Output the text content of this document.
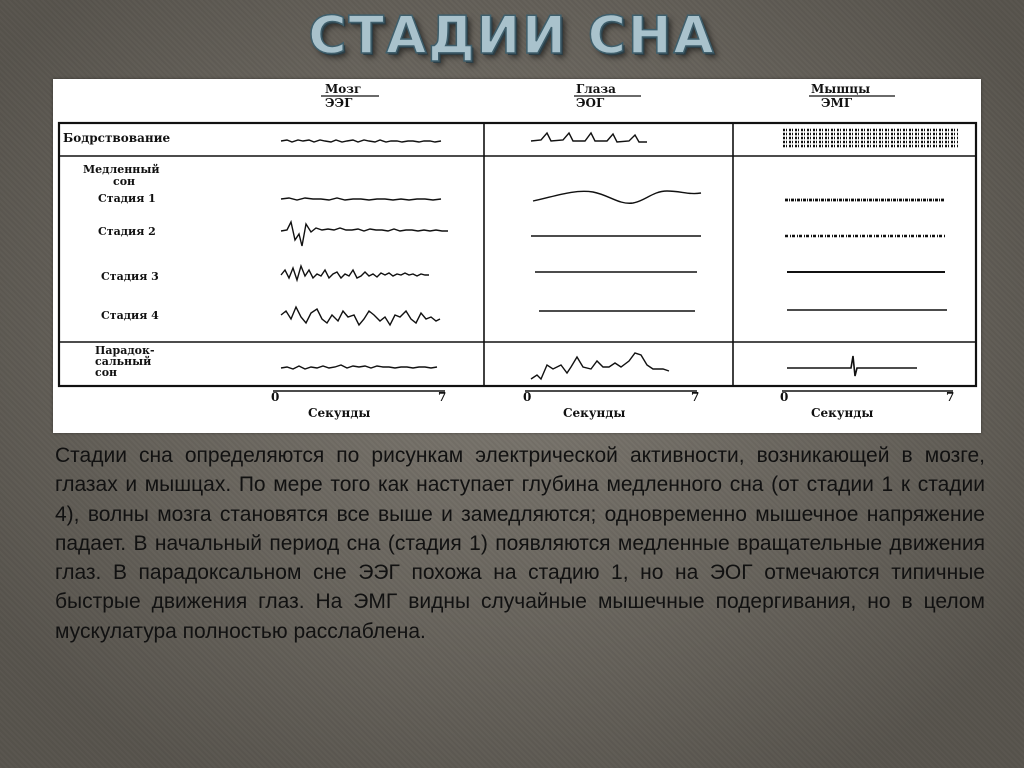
СТАДИИ СНА
Мозг
ЭЭГ
Глаза
ЭОГ
Мышцы
ЭМГ
Бодрствование
Медленный
сон
Стадия 1
Стадия 2
Стадия 3
Стадия 4
Парадок-
сальный
сон
0	7
Секунды
0	7
Секунды
0	7
Секунды

Стадии сна определяются по рисункам электрической активности, возникающей в мозге, глазах и мышцах. По мере того как наступает глубина медленного сна (от стадии 1 к стадии 4), волны мозга становятся все выше и замедляются; одновременно мышечное напряжение падает. В начальный период сна (стадия 1) появляются медленные вращательные движения глаз. В парадоксальном сне ЭЭГ похожа на стадию 1, но на ЭОГ отмечаются типичные быстрые движения глаз. На ЭМГ видны случайные мышечные подергивания, но в целом мускулатура полностью расслаблена.
